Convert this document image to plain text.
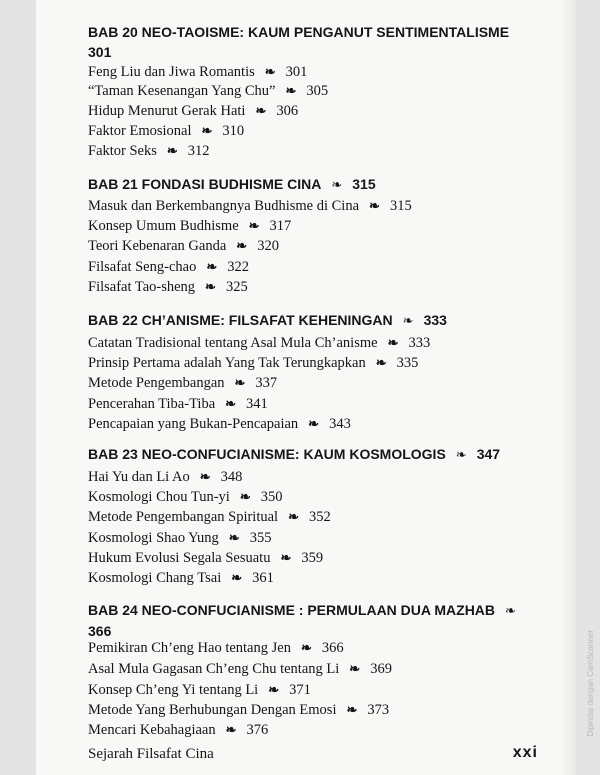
BAB 20 NEO-TAOISME: KAUM PENGANUT SENTIMENTALISME
301
Feng Liu dan Jiwa Romantis ❧ 301
“Taman Kesenangan Yang Chu” ❧ 305
Hidup Menurut Gerak Hati ❧ 306
Faktor Emosional ❧ 310
Faktor Seks ❧ 312
BAB 21 FONDASI BUDHISME CINA ❧ 315
Masuk dan Berkembangnya Budhisme di Cina ❧ 315
Konsep Umum Budhisme ❧ 317
Teori Kebenaran Ganda ❧ 320
Filsafat Seng-chao ❧ 322
Filsafat Tao-sheng ❧ 325
BAB 22 CH’ANISME: FILSAFAT KEHENINGAN ❧ 333
Catatan Tradisional tentang Asal Mula Ch’anisme ❧ 333
Prinsip Pertama adalah Yang Tak Terungkapkan ❧ 335
Metode Pengembangan ❧ 337
Pencerahan Tiba-Tiba ❧ 341
Pencapaian yang Bukan-Pencapaian ❧ 343
BAB 23 NEO-CONFUCIANISME: KAUM KOSMOLOGIS ❧ 347
Hai Yu dan Li Ao ❧ 348
Kosmologi Chou Tun-yi ❧ 350
Metode Pengembangan Spiritual ❧ 352
Kosmologi Shao Yung ❧ 355
Hukum Evolusi Segala Sesuatu ❧ 359
Kosmologi Chang Tsai ❧ 361
BAB 24 NEO-CONFUCIANISME : PERMULAAN DUA MAZHAB ❧
366
Pemikiran Ch’eng Hao tentang Jen ❧ 366
Asal Mula Gagasan Ch’eng Chu tentang Li ❧ 369
Konsep Ch’eng Yi tentang Li ❧ 371
Metode Yang Berhubungan Dengan Emosi ❧ 373
Mencari Kebahagiaan ❧ 376
Sejarah Filsafat Cina	xxi
Dipindai dengan CamScanner
